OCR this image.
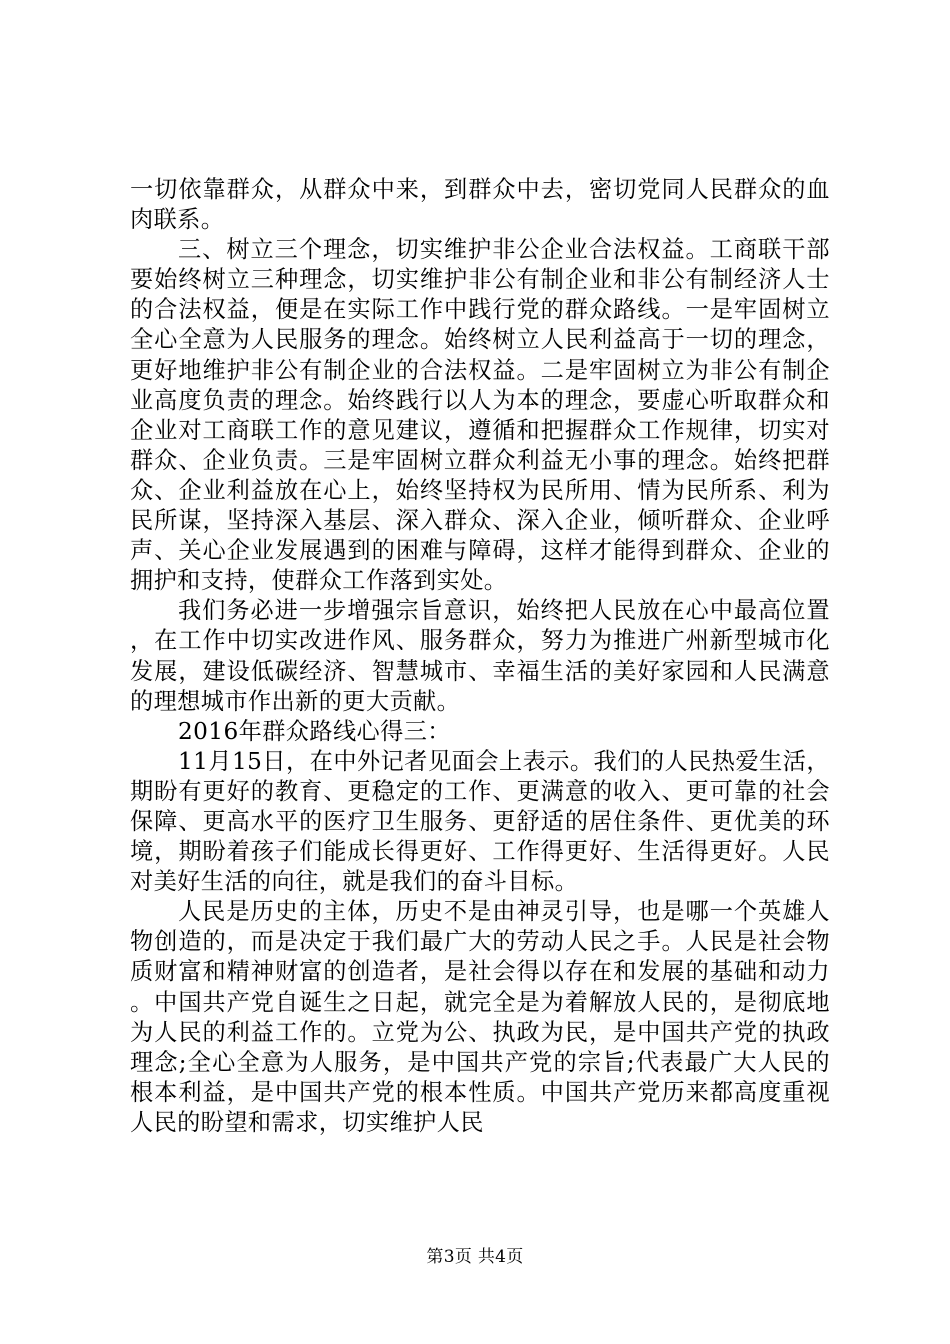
一切依靠群众，从群众中来，到群众中去，密切党同人民群众的血肉联系。

三、树立三个理念，切实维护非公企业合法权益。工商联干部要始终树立三种理念，切实维护非公有制企业和非公有制经济人士的合法权益，便是在实际工作中践行党的群众路线。一是牢固树立全心全意为人民服务的理念。始终树立人民利益高于一切的理念，更好地维护非公有制企业的合法权益。二是牢固树立为非公有制企业高度负责的理念。始终践行以人为本的理念，要虚心听取群众和企业对工商联工作的意见建议，遵循和把握群众工作规律，切实对群众、企业负责。三是牢固树立群众利益无小事的理念。始终把群众、企业利益放在心上，始终坚持权为民所用、情为民所系、利为民所谋，坚持深入基层、深入群众、深入企业，倾听群众、企业呼声、关心企业发展遇到的困难与障碍，这样才能得到群众、企业的拥护和支持，使群众工作落到实处。

我们务必进一步增强宗旨意识，始终把人民放在心中最高位置，在工作中切实改进作风、服务群众，努力为推进广州新型城市化发展，建设低碳经济、智慧城市、幸福生活的美好家园和人民满意的理想城市作出新的更大贡献。

2016年群众路线心得三：

11月15日，在中外记者见面会上表示。我们的人民热爱生活，期盼有更好的教育、更稳定的工作、更满意的收入、更可靠的社会保障、更高水平的医疗卫生服务、更舒适的居住条件、更优美的环境，期盼着孩子们能成长得更好、工作得更好、生活得更好。人民对美好生活的向往，就是我们的奋斗目标。

人民是历史的主体，历史不是由神灵引导，也是哪一个英雄人物创造的，而是决定于我们最广大的劳动人民之手。人民是社会物质财富和精神财富的创造者，是社会得以存在和发展的基础和动力。中国共产党自诞生之日起，就完全是为着解放人民的，是彻底地为人民的利益工作的。立党为公、执政为民，是中国共产党的执政理念;全心全意为人服务，是中国共产党的宗旨;代表最广大人民的根本利益，是中国共产党的根本性质。中国共产党历来都高度重视人民的盼望和需求，切实维护人民

第3页 共4页
